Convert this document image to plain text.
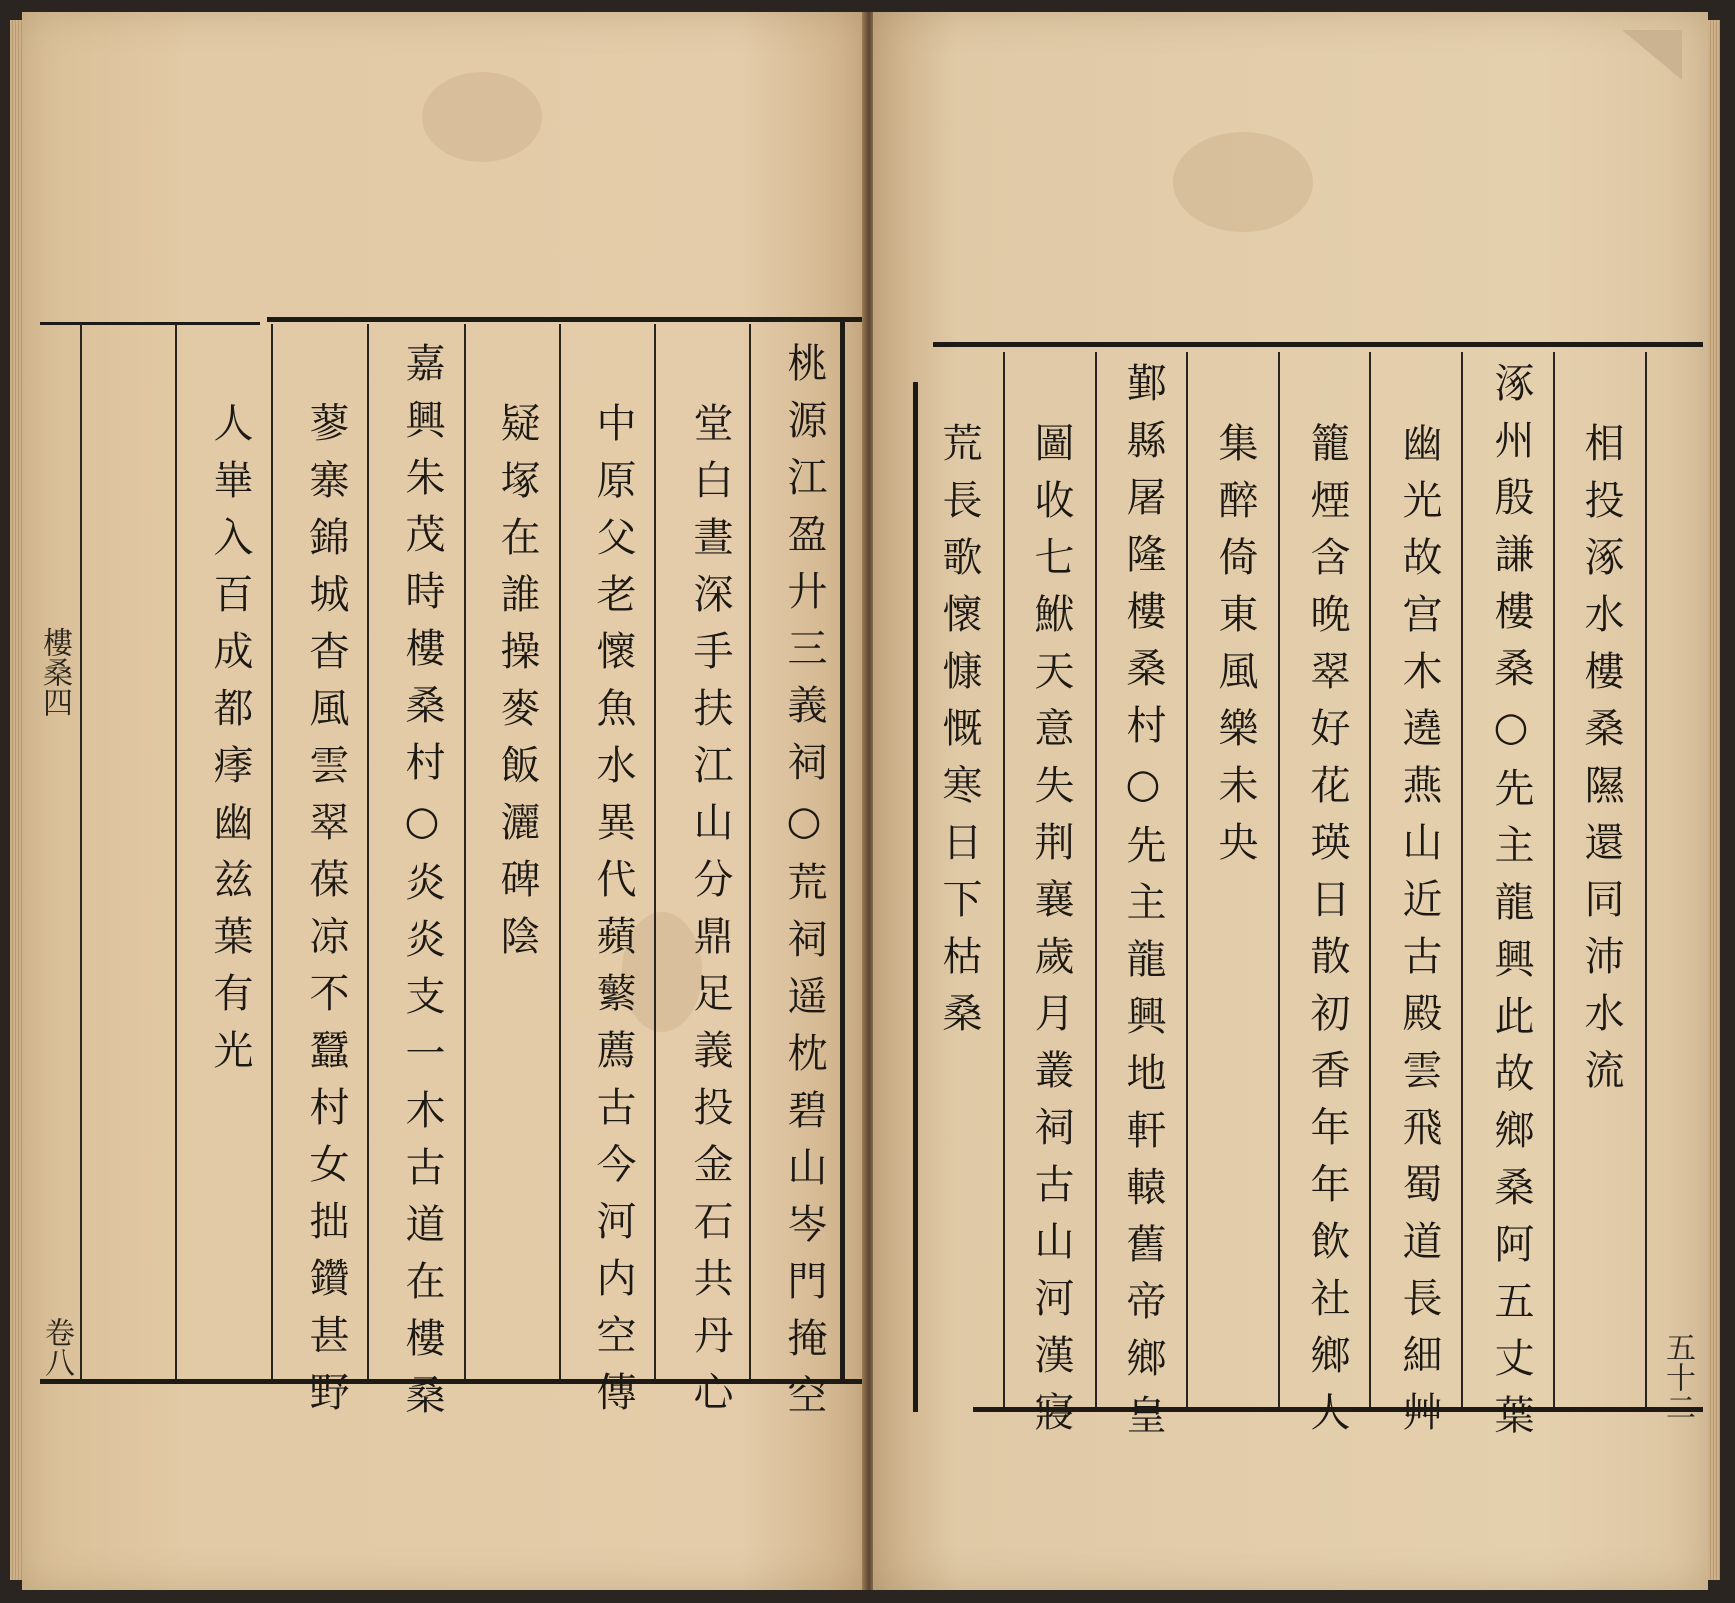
樓桑四
卷八	桃源江盈廾三義祠○荒祠遥枕碧山岑門掩空
堂白晝深手扶江山分鼎足義投金石共丹心
中原父老懷魚水異代蘋蘩薦古今河内空傳
疑塚在誰操麥飯灑碑陰
嘉興朱茂時樓桑村○炎炎支一木古道在樓桑
蓼寨錦城杳風雲翠葆凉不蠶村女拙鑽甚野
人崋入百成都痵幽兹葉有光
五十二
相投涿水樓桑隰還同沛水流
涿州殷謙樓桑○先主龍興此故鄉桑阿五丈葉
幽光故宫木遶燕山近古殿雲飛蜀道長細艸
籠煙含晚翠好花瑛日散初香年年飲社鄉人
集醉倚東風樂未央
鄞縣屠隆樓桑村○先主龍興地軒轅舊帝鄉皇
圖收七鮲天意失荆襄歲月叢祠古山河漢寢
荒長歌懷慷慨寒日下枯桑
